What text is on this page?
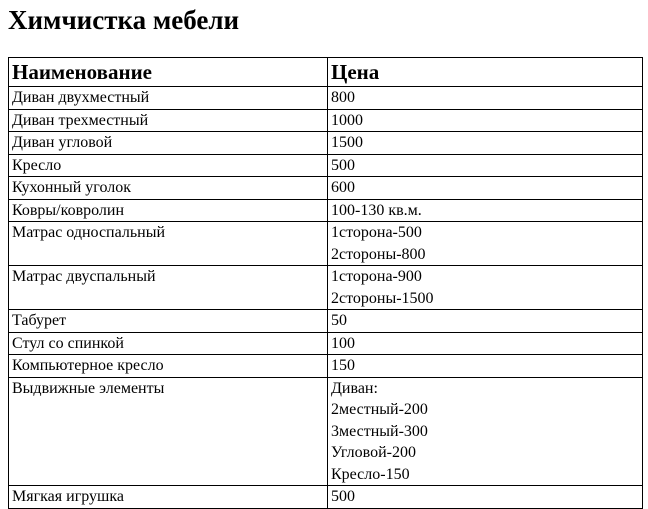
Химчистка мебели
Наименование	Цена
Диван двухместный	800

Диван трехместный	1000

Диван угловой	1500

Кресло	500

Кухонный уголок	600

Ковры/ковролин	100-130 кв.м.

Матрас односпальный	1сторона-500
2стороны-800

Матрас двуспальный	1сторона-900
2стороны-1500

Табурет	50

Стул со спинкой	100

Компьютерное кресло	150

Выдвижные элементы	Диван:
2местный-200
3местный-300
Угловой-200
Кресло-150

Мягкая игрушка	500
